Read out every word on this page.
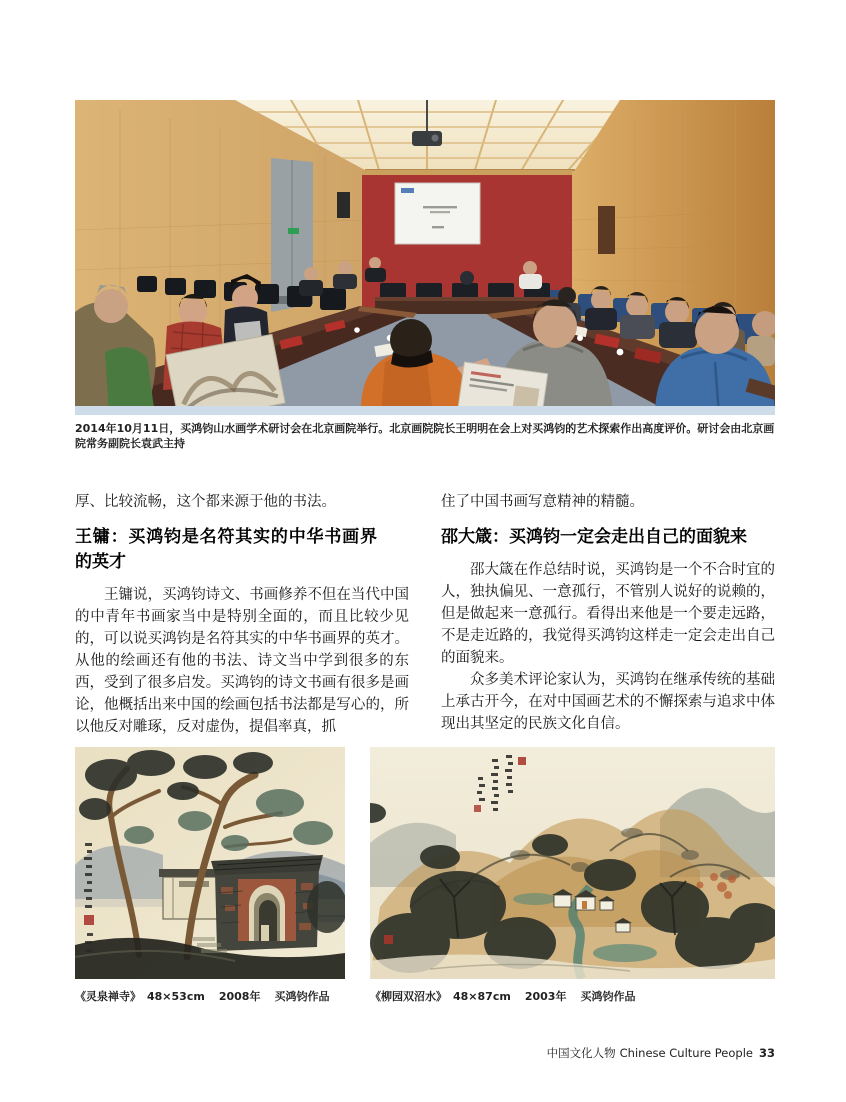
2014年10月11日，买鸿钧山水画学术研讨会在北京画院举行。北京画院院长王明明在会上对买鸿钧的艺术探索作出高度评价。研讨会由北京画院常务副院长袁武主持

厚、比较流畅，这个都来源于他的书法。

王镛：买鸿钧是名符其实的中华书画界的英才

王镛说，买鸿钧诗文、书画修养不但在当代中国的中青年书画家当中是特别全面的，而且比较少见的，可以说买鸿钧是名符其实的中华书画界的英才。从他的绘画还有他的书法、诗文当中学到很多的东西，受到了很多启发。买鸿钧的诗文书画有很多是画论，他概括出来中国的绘画包括书法都是写心的，所以他反对雕琢，反对虚伪，提倡率真，抓

住了中国书画写意精神的精髓。

邵大箴：买鸿钧一定会走出自己的面貌来

邵大箴在作总结时说，买鸿钧是一个不合时宜的人，独执偏见、一意孤行，不管别人说好的说赖的，但是做起来一意孤行。看得出来他是一个要走远路，不是走近路的，我觉得买鸿钧这样走一定会走出自己的面貌来。

众多美术评论家认为，买鸿钧在继承传统的基础上承古开今，在对中国画艺术的不懈探索与追求中体现出其坚定的民族文化自信。

《灵泉禅寺》 48×53cm 2008年 买鸿钧作品	《柳园双沼水》 48×87cm 2003年 买鸿钧作品
中国文化人物 Chinese Culture People 33
